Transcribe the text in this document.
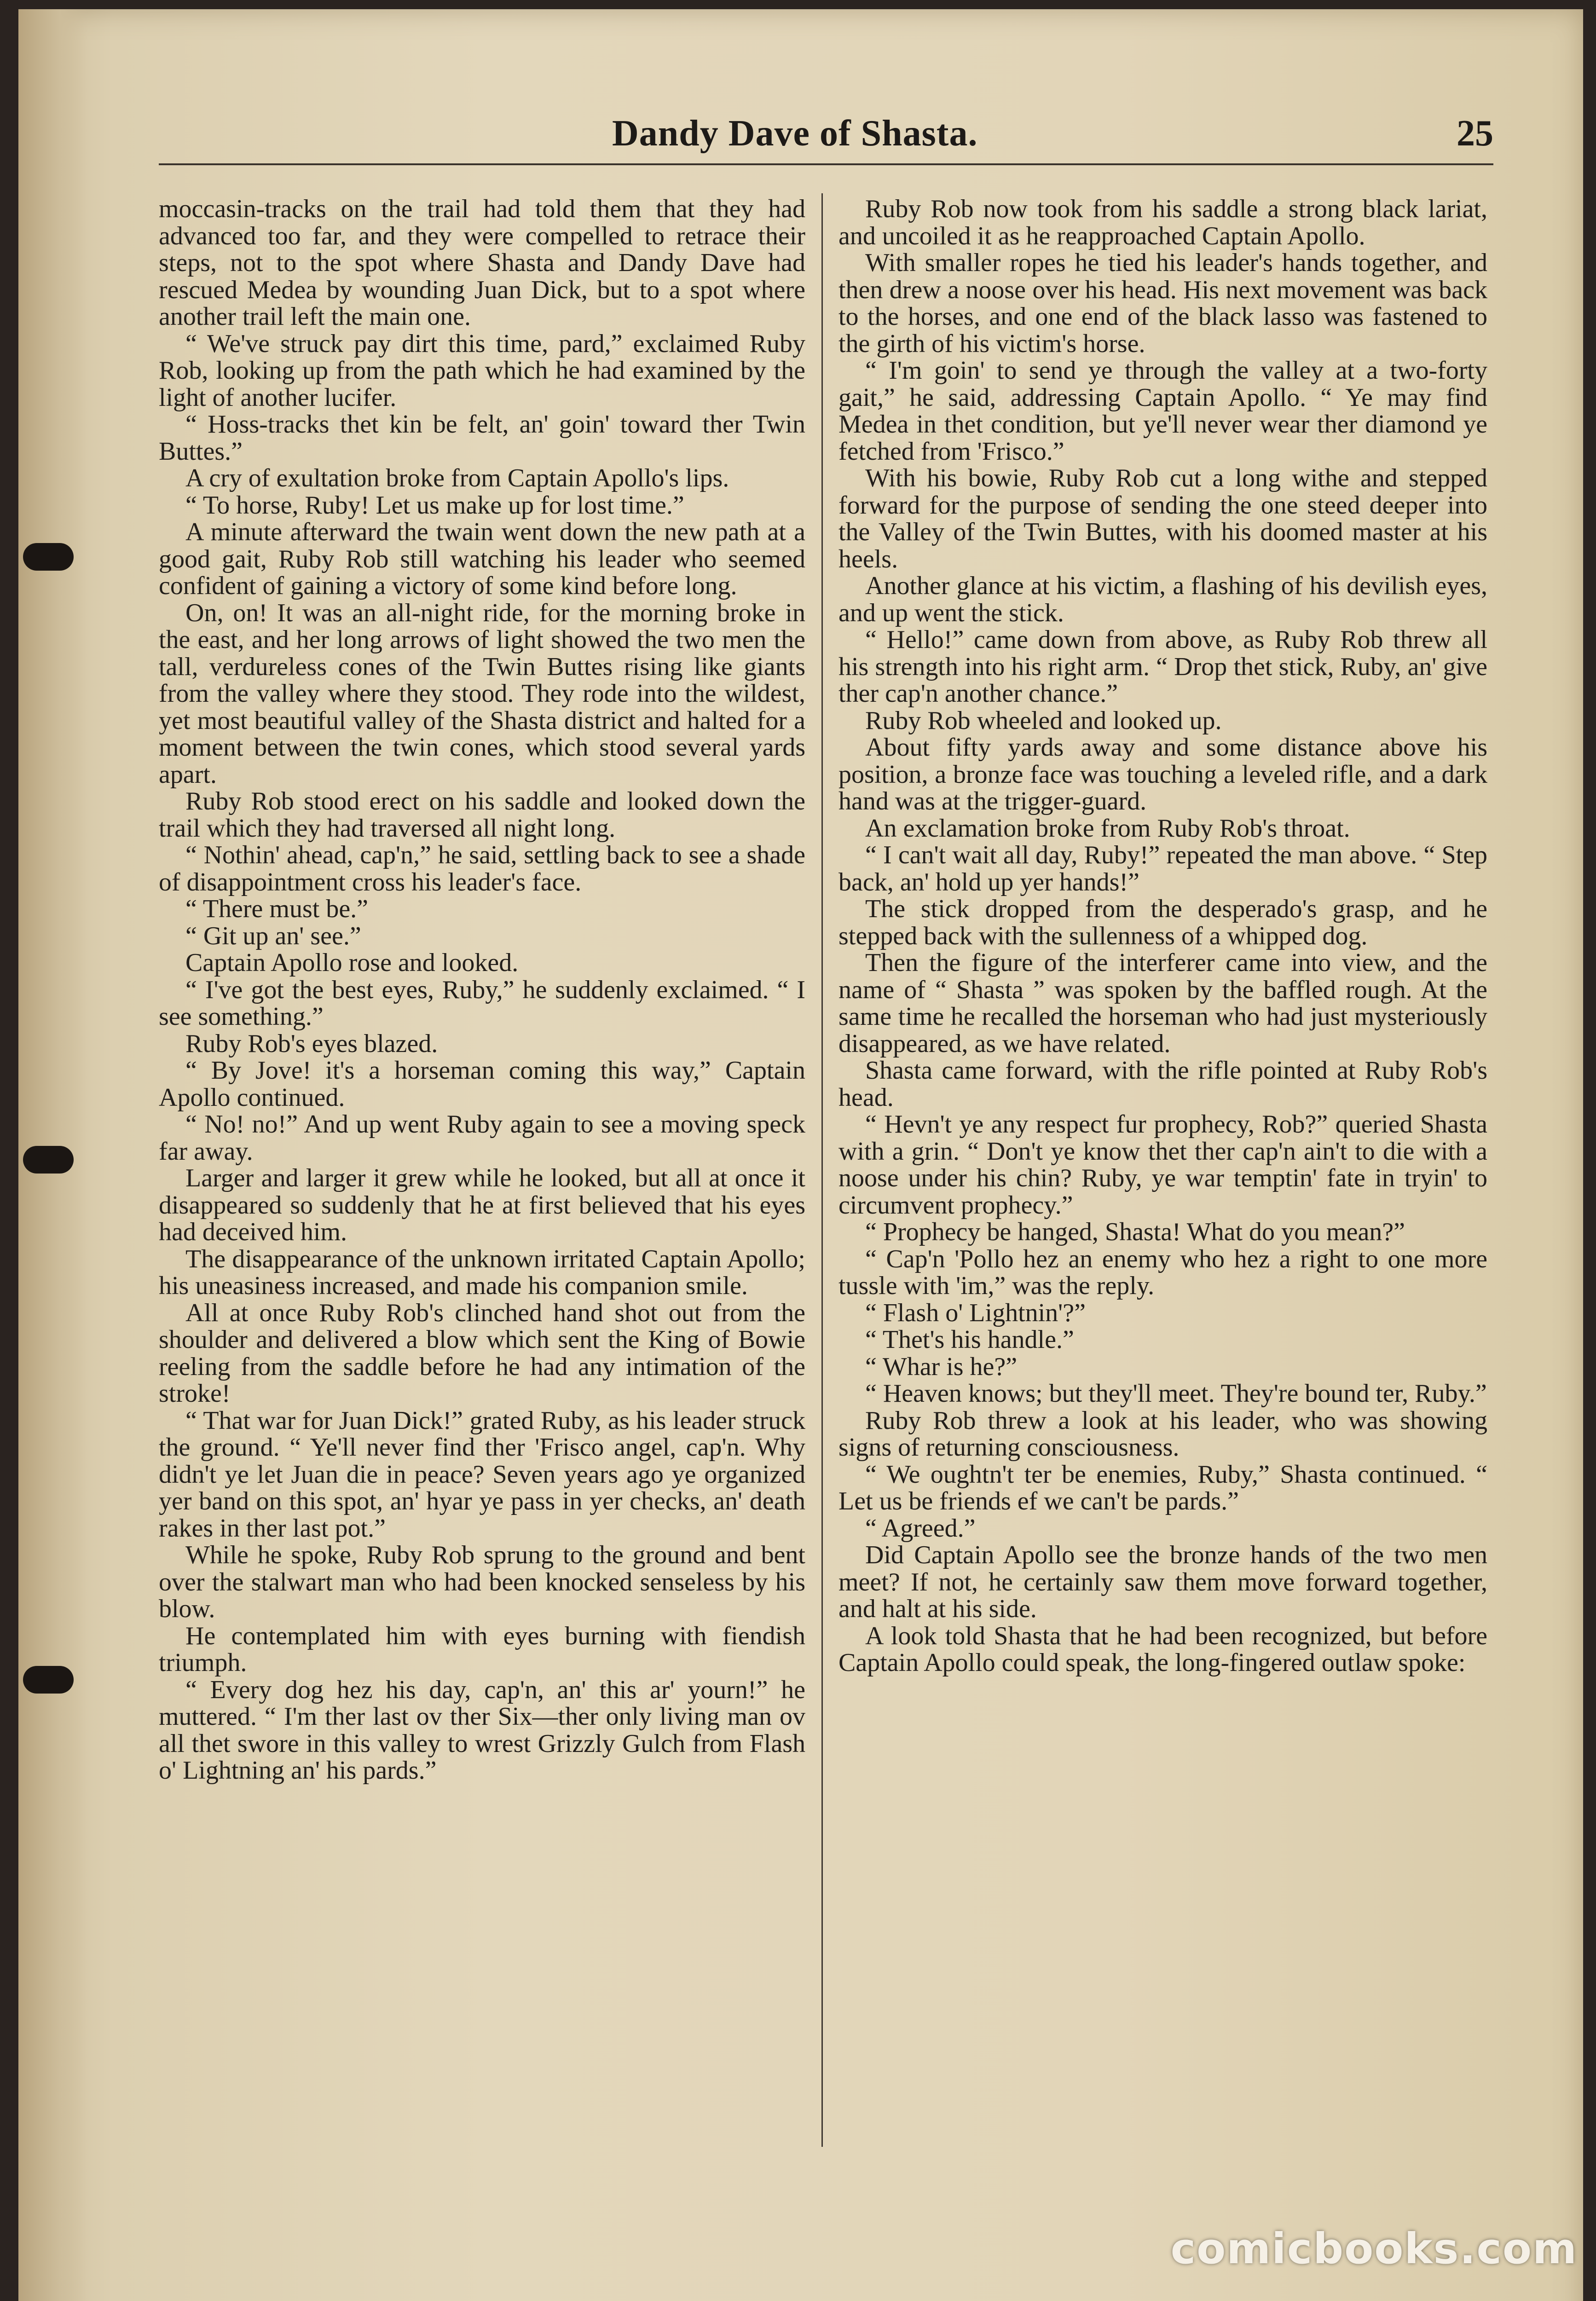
Dandy Dave of Shasta.	25

moccasin-tracks on the trail had told them that they had advanced too far, and they were compelled to retrace their steps, not to the spot where Shasta and Dandy Dave had rescued Medea by wounding Juan Dick, but to a spot where another trail left the main one.

“ We've struck pay dirt this time, pard,” exclaimed Ruby Rob, looking up from the path which he had examined by the light of another lucifer.

“ Hoss-tracks thet kin be felt, an' goin' toward ther Twin Buttes.”

A cry of exultation broke from Captain Apollo's lips.

“ To horse, Ruby! Let us make up for lost time.”

A minute afterward the twain went down the new path at a good gait, Ruby Rob still watching his leader who seemed confident of gaining a victory of some kind before long.

On, on! It was an all-night ride, for the morning broke in the east, and her long arrows of light showed the two men the tall, verdureless cones of the Twin Buttes rising like giants from the valley where they stood. They rode into the wildest, yet most beautiful valley of the Shasta district and halted for a moment between the twin cones, which stood several yards apart.

Ruby Rob stood erect on his saddle and looked down the trail which they had traversed all night long.

“ Nothin' ahead, cap'n,” he said, settling back to see a shade of disappointment cross his leader's face.

“ There must be.”

“ Git up an' see.”

Captain Apollo rose and looked.

“ I've got the best eyes, Ruby,” he suddenly exclaimed. “ I see something.”

Ruby Rob's eyes blazed.

“ By Jove! it's a horseman coming this way,” Captain Apollo continued.

“ No! no!” And up went Ruby again to see a moving speck far away.

Larger and larger it grew while he looked, but all at once it disappeared so suddenly that he at first believed that his eyes had deceived him.

The disappearance of the unknown irritated Captain Apollo; his uneasiness increased, and made his companion smile.

All at once Ruby Rob's clinched hand shot out from the shoulder and delivered a blow which sent the King of Bowie reeling from the saddle before he had any intimation of the stroke!

“ That war for Juan Dick!” grated Ruby, as his leader struck the ground. “ Ye'll never find ther 'Frisco angel, cap'n. Why didn't ye let Juan die in peace? Seven years ago ye organized yer band on this spot, an' hyar ye pass in yer checks, an' death rakes in ther last pot.”

While he spoke, Ruby Rob sprung to the ground and bent over the stalwart man who had been knocked senseless by his blow.

He contemplated him with eyes burning with fiendish triumph.

“ Every dog hez his day, cap'n, an' this ar' yourn!” he muttered. “ I'm ther last ov ther Six—ther only living man ov all thet swore in this valley to wrest Grizzly Gulch from Flash o' Lightning an' his pards.”

Ruby Rob now took from his saddle a strong black lariat, and uncoiled it as he reapproached Captain Apollo.

With smaller ropes he tied his leader's hands together, and then drew a noose over his head. His next movement was back to the horses, and one end of the black lasso was fastened to the girth of his victim's horse.

“ I'm goin' to send ye through the valley at a two-forty gait,” he said, addressing Captain Apollo. “ Ye may find Medea in thet condition, but ye'll never wear ther diamond ye fetched from 'Frisco.”

With his bowie, Ruby Rob cut a long withe and stepped forward for the purpose of sending the one steed deeper into the Valley of the Twin Buttes, with his doomed master at his heels.

Another glance at his victim, a flashing of his devilish eyes, and up went the stick.

“ Hello!” came down from above, as Ruby Rob threw all his strength into his right arm. “ Drop thet stick, Ruby, an' give ther cap'n another chance.”

Ruby Rob wheeled and looked up.

About fifty yards away and some distance above his position, a bronze face was touching a leveled rifle, and a dark hand was at the trigger-guard.

An exclamation broke from Ruby Rob's throat.

“ I can't wait all day, Ruby!” repeated the man above. “ Step back, an' hold up yer hands!”

The stick dropped from the desperado's grasp, and he stepped back with the sullenness of a whipped dog.

Then the figure of the interferer came into view, and the name of “ Shasta ” was spoken by the baffled rough. At the same time he recalled the horseman who had just mysteriously disappeared, as we have related.

Shasta came forward, with the rifle pointed at Ruby Rob's head.

“ Hevn't ye any respect fur prophecy, Rob?” queried Shasta with a grin. “ Don't ye know thet ther cap'n ain't to die with a noose under his chin? Ruby, ye war temptin' fate in tryin' to circumvent prophecy.”

“ Prophecy be hanged, Shasta! What do you mean?”

“ Cap'n 'Pollo hez an enemy who hez a right to one more tussle with 'im,” was the reply.

“ Flash o' Lightnin'?”

“ Thet's his handle.”

“ Whar is he?”

“ Heaven knows; but they'll meet. They're bound ter, Ruby.”

Ruby Rob threw a look at his leader, who was showing signs of returning consciousness.

“ We oughtn't ter be enemies, Ruby,” Shasta continued. “ Let us be friends ef we can't be pards.”

“ Agreed.”

Did Captain Apollo see the bronze hands of the two men meet? If not, he certainly saw them move forward together, and halt at his side.

A look told Shasta that he had been recognized, but before Captain Apollo could speak, the long-fingered outlaw spoke:

comicbooks.com
